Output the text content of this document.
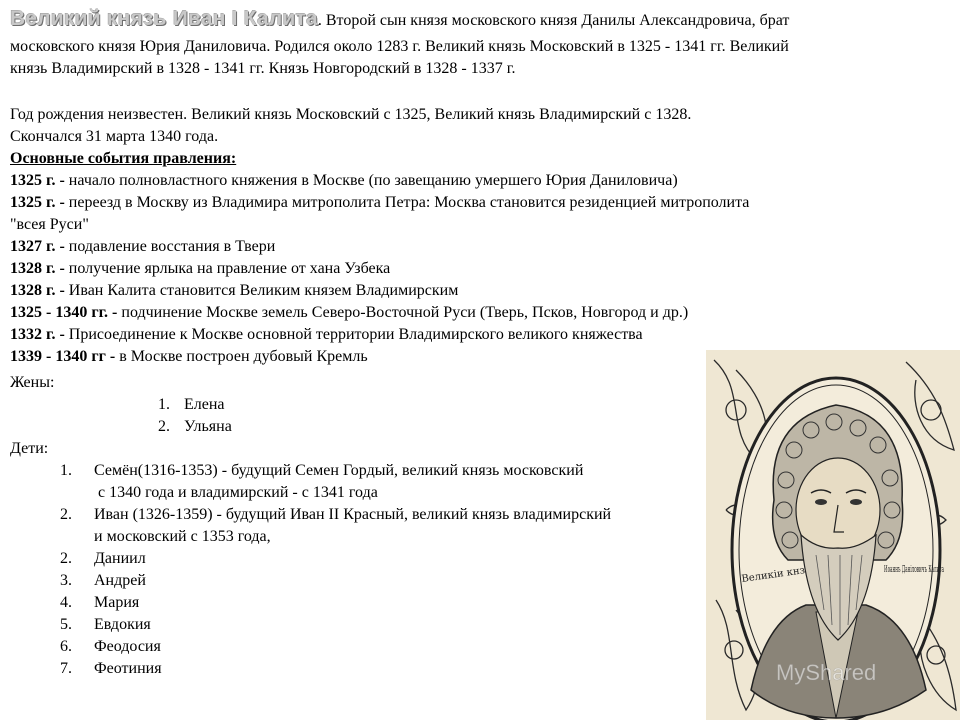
Великий князь Иван I Калита. Второй сын князя московского князя Данилы Александровича, брат
московского князя Юрия Даниловича. Родился около 1283 г. Великий князь Московский в 1325 - 1341 гг. Великий
князь Владимирский в 1328 - 1341 гг. Князь Новгородский в 1328 - 1337 г.
Год рождения неизвестен. Великий князь Московский с 1325, Великий князь Владимирский с 1328.
Скончался 31 марта 1340 года.
Основные события правления:
1325 г. - начало полновластного княжения в Москве (по завещанию умершего Юрия Даниловича)
1325 г. - переезд в Москву из Владимира митрополита Петра: Москва становится резиденцией митрополита
"всея Руси"
1327 г. - подавление восстания в Твери
1328 г. - получение ярлыка на правление от хана Узбека
1328 г. - Иван Калита становится Великим князем Владимирским
1325 - 1340 гг. - подчинение Москве земель Северо-Восточной Руси (Тверь, Псков, Новгород и др.)
1332 г. - Присоединение к Москве основной территории Владимирского великого княжества
1339 - 1340 гг - в Москве построен дубовый Кремль
Жены:
1. Елена
2. Ульяна
Дети:
1. Семён(1316-1353) - будущий Семен Гордый, великий князь московский
с 1340 года и владимирский - с 1341 года
2. Иван (1326-1359) - будущий Иван II Красный, великий князь владимирский
и московский с 1353 года,
2. Даниил
3. Андрей
4. Мария
5. Евдокия
6. Феодосия
7. Феотиния
Великiи кнз	Иоаннъ Данiловичъ Калита
MyShared
